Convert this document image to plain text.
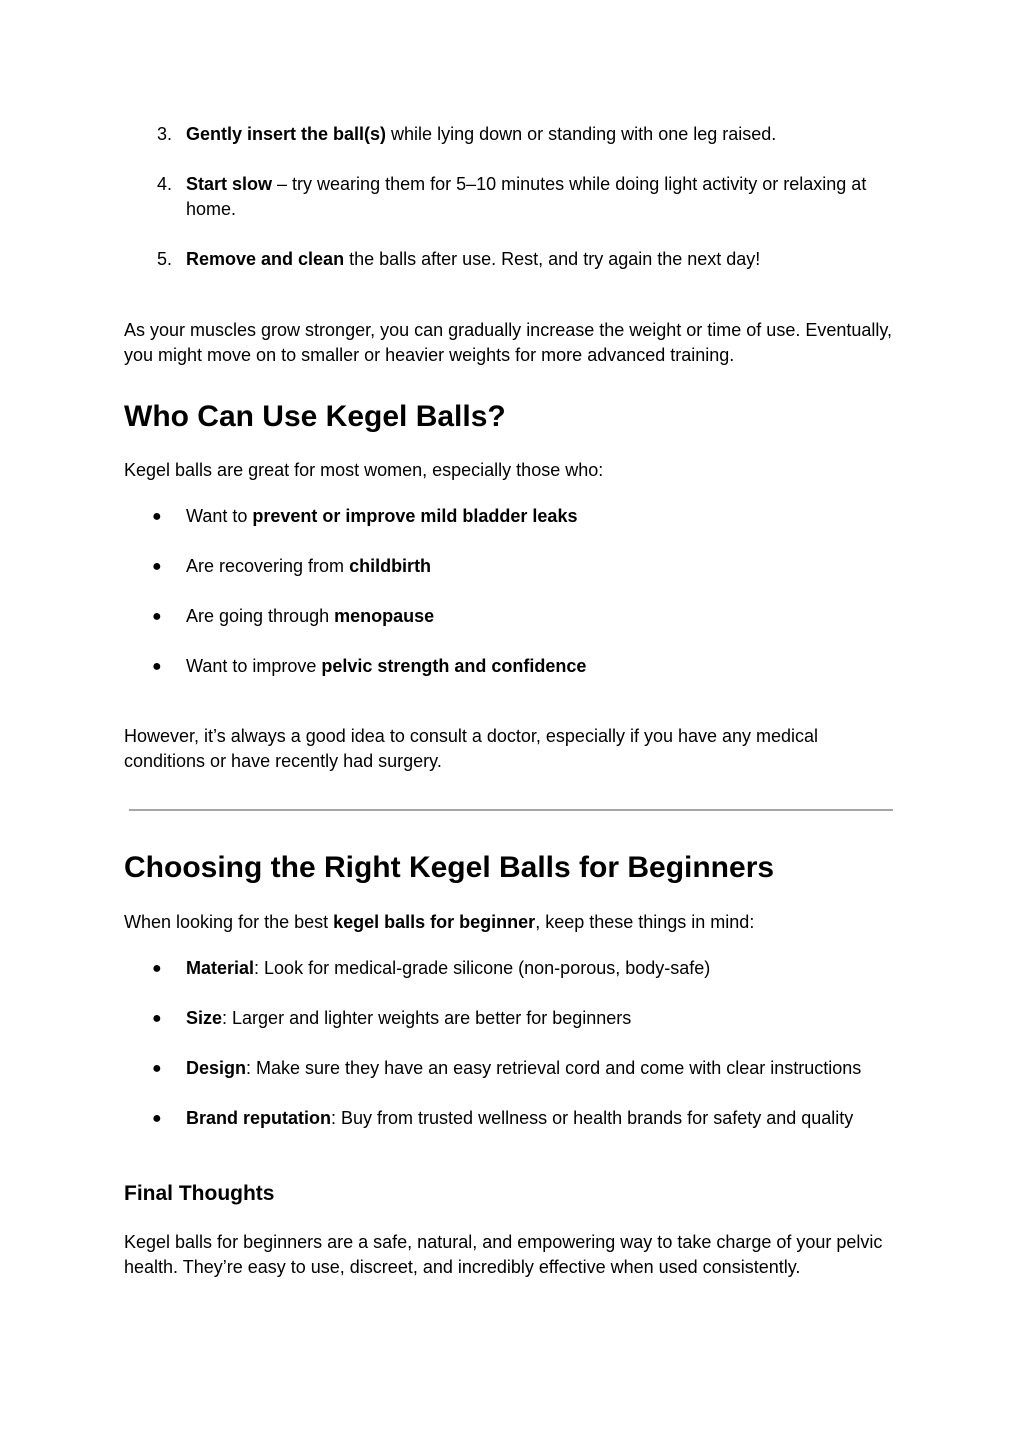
3. Gently insert the ball(s) while lying down or standing with one leg raised.
4. Start slow – try wearing them for 5–10 minutes while doing light activity or relaxing at home.
5. Remove and clean the balls after use. Rest, and try again the next day!

As your muscles grow stronger, you can gradually increase the weight or time of use. Eventually, you might move on to smaller or heavier weights for more advanced training.

Who Can Use Kegel Balls?

Kegel balls are great for most women, especially those who:

● Want to prevent or improve mild bladder leaks
● Are recovering from childbirth
● Are going through menopause
● Want to improve pelvic strength and confidence

However, it’s always a good idea to consult a doctor, especially if you have any medical conditions or have recently had surgery.

Choosing the Right Kegel Balls for Beginners

When looking for the best kegel balls for beginner, keep these things in mind:

● Material: Look for medical-grade silicone (non-porous, body-safe)
● Size: Larger and lighter weights are better for beginners
● Design: Make sure they have an easy retrieval cord and come with clear instructions
● Brand reputation: Buy from trusted wellness or health brands for safety and quality
Final Thoughts

Kegel balls for beginners are a safe, natural, and empowering way to take charge of your pelvic health. They’re easy to use, discreet, and incredibly effective when used consistently.
